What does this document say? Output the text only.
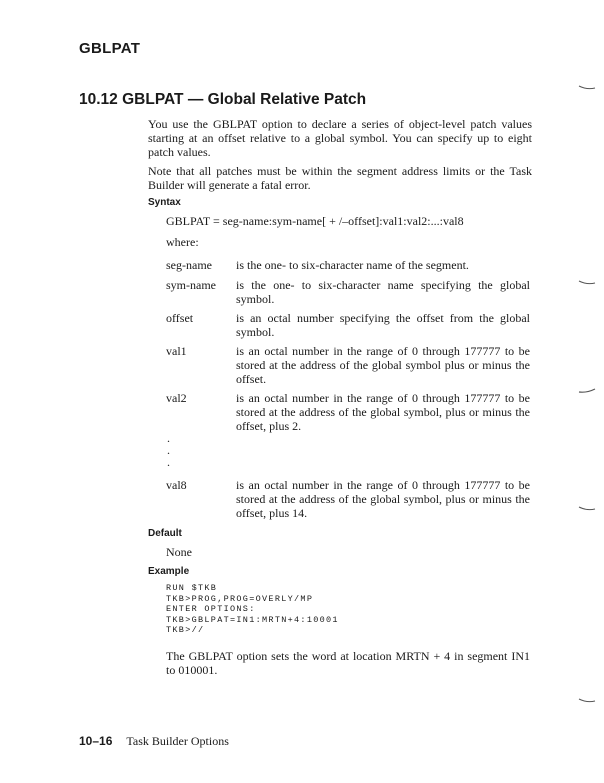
GBLPAT
10.12 GBLPAT — Global Relative Patch
You use the GBLPAT option to declare a series of object-level patch values starting at an offset relative to a global symbol. You can specify up to eight patch values.
Note that all patches must be within the segment address limits or the Task Builder will generate a fatal error.
Syntax
GBLPAT = seg-name:sym-name[ + /–offset]:val1:val2:...:val8
where:
seg-name is the one- to six-character name of the segment.
sym-name is the one- to six-character name specifying the global symbol.
offset	is an octal number specifying the offset from the global symbol.
val1	is an octal number in the range of 0 through 177777 to be stored at the address of the global symbol plus or minus the offset.
val2	is an octal number in the range of 0 through 177777 to be stored at the address of the global symbol, plus or minus the offset, plus 2.
.
.
.
val8	is an octal number in the range of 0 through 177777 to be stored at the address of the global symbol, plus or minus the offset, plus 14.
Default
None
Example
RUN $TKB
TKB>PROG,PROG=OVERLY/MP
ENTER OPTIONS:
TKB>GBLPAT=IN1:MRTN+4:10001
TKB>//
The GBLPAT option sets the word at location MRTN + 4 in segment IN1 to 010001.
10–16 Task Builder Options
